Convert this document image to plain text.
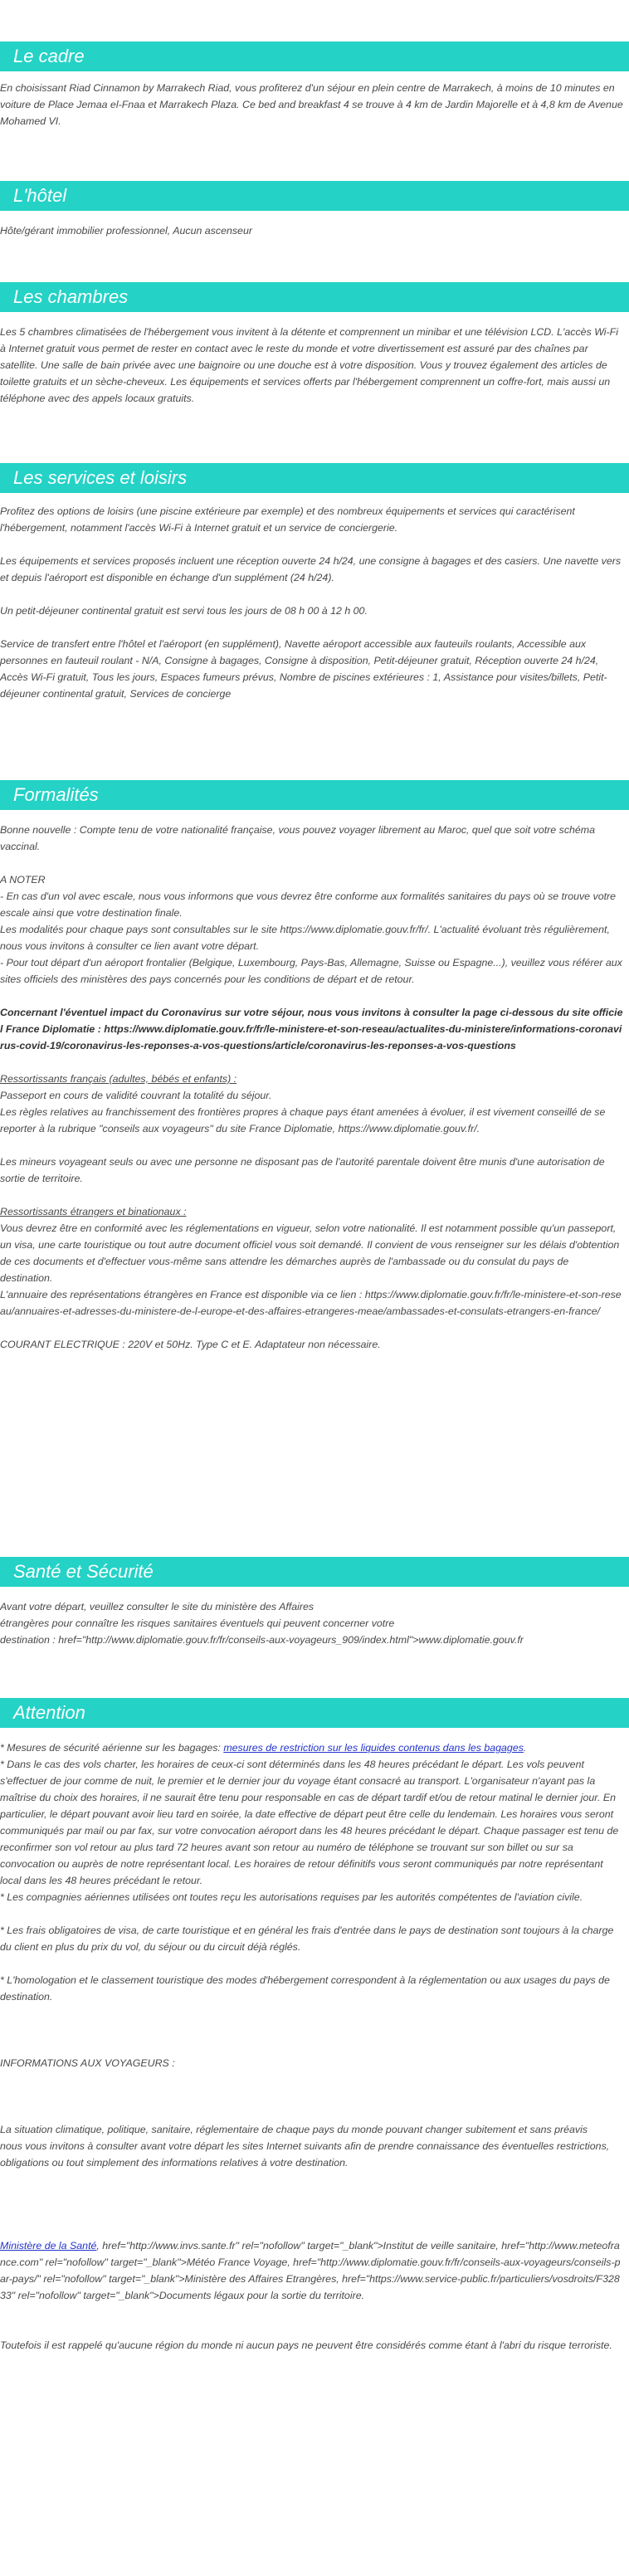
Le cadre

En choisissant Riad Cinnamon by Marrakech Riad, vous profiterez d'un séjour en plein centre de Marrakech, à moins de 10 minutes en voiture de Place Jemaa el-Fnaa et Marrakech Plaza. Ce bed and breakfast 4 se trouve à 4 km de Jardin Majorelle et à 4,8 km de Avenue Mohamed VI.

L'hôtel

Hôte/gérant immobilier professionnel, Aucun ascenseur

Les chambres

Les 5 chambres climatisées de l'hébergement vous invitent à la détente et comprennent un minibar et une télévision LCD. L'accès Wi-Fi à Internet gratuit vous permet de rester en contact avec le reste du monde et votre divertissement est assuré par des chaînes par satellite. Une salle de bain privée avec une baignoire ou une douche est à votre disposition. Vous y trouvez également des articles de toilette gratuits et un sèche-cheveux. Les équipements et services offerts par l'hébergement comprennent un coffre-fort, mais aussi un téléphone avec des appels locaux gratuits.

Les services et loisirs

Profitez des options de loisirs (une piscine extérieure par exemple) et des nombreux équipements et services qui caractérisent l'hébergement, notamment l'accès Wi-Fi à Internet gratuit et un service de conciergerie.

Les équipements et services proposés incluent une réception ouverte 24 h/24, une consigne à bagages et des casiers. Une navette vers et depuis l'aéroport est disponible en échange d'un supplément (24 h/24).

Un petit-déjeuner continental gratuit est servi tous les jours de 08 h 00 à 12 h 00.

Service de transfert entre l'hôtel et l'aéroport (en supplément), Navette aéroport accessible aux fauteuils roulants, Accessible aux personnes en fauteuil roulant - N/A, Consigne à bagages, Consigne à disposition, Petit-déjeuner gratuit, Réception ouverte 24 h/24, Accès Wi-Fi gratuit, Tous les jours, Espaces fumeurs prévus, Nombre de piscines extérieures : 1, Assistance pour visites/billets, Petit-déjeuner continental gratuit, Services de concierge

Formalités

Bonne nouvelle : Compte tenu de votre nationalité française, vous pouvez voyager librement au Maroc, quel que soit votre schéma vaccinal.

A NOTER

- En cas d'un vol avec escale, nous vous informons que vous devrez être conforme aux formalités sanitaires du pays où se trouve votre escale ainsi que votre destination finale.

Les modalités pour chaque pays sont consultables sur le site https://www.diplomatie.gouv.fr/fr/. L'actualité évoluant très régulièrement, nous vous invitons à consulter ce lien avant votre départ.

- Pour tout départ d'un aéroport frontalier (Belgique, Luxembourg, Pays-Bas, Allemagne, Suisse ou Espagne...), veuillez vous référer aux sites officiels des ministères des pays concernés pour les conditions de départ et de retour.

Concernant l'éventuel impact du Coronavirus sur votre séjour, nous vous invitons à consulter la page ci-dessous du site officiel France Diplomatie : https://www.diplomatie.gouv.fr/fr/le-ministere-et-son-reseau/actualites-du-ministere/informations-coronavirus-covid-19/coronavirus-les-reponses-a-vos-questions/article/coronavirus-les-reponses-a-vos-questions

Ressortissants français (adultes, bébés et enfants) :

Passeport en cours de validité couvrant la totalité du séjour.

Les règles relatives au franchissement des frontières propres à chaque pays étant amenées à évoluer, il est vivement conseillé de se reporter à la rubrique "conseils aux voyageurs" du site France Diplomatie, https://www.diplomatie.gouv.fr/.

Les mineurs voyageant seuls ou avec une personne ne disposant pas de l'autorité parentale doivent être munis d'une autorisation de sortie de territoire.

Ressortissants étrangers et binationaux :

Vous devrez être en conformité avec les réglementations en vigueur, selon votre nationalité. Il est notamment possible qu'un passeport, un visa, une carte touristique ou tout autre document officiel vous soit demandé. Il convient de vous renseigner sur les délais d'obtention de ces documents et d'effectuer vous-même sans attendre les démarches auprès de l'ambassade ou du consulat du pays de destination.

L'annuaire des représentations étrangères en France est disponible via ce lien : https://www.diplomatie.gouv.fr/fr/le-ministere-et-son-reseau/annuaires-et-adresses-du-ministere-de-l-europe-et-des-affaires-etrangeres-meae/ambassades-et-consulats-etrangers-en-france/

COURANT ELECTRIQUE : 220V et 50Hz. Type C et E. Adaptateur non nécessaire.

Santé et Sécurité

Avant votre départ, veuillez consulter le site du ministère des Affaires

étrangères pour connaître les risques sanitaires éventuels qui peuvent concerner votre

destination : href="http://www.diplomatie.gouv.fr/fr/conseils-aux-voyageurs_909/index.html">www.diplomatie.gouv.fr

Attention

* Mesures de sécurité aérienne sur les bagages: mesures de restriction sur les liquides contenus dans les bagages.

* Dans le cas des vols charter, les horaires de ceux-ci sont déterminés dans les 48 heures précédant le départ. Les vols peuvent s'effectuer de jour comme de nuit, le premier et le dernier jour du voyage étant consacré au transport. L'organisateur n'ayant pas la maîtrise du choix des horaires, il ne saurait être tenu pour responsable en cas de départ tardif et/ou de retour matinal le dernier jour. En particulier, le départ pouvant avoir lieu tard en soirée, la date effective de départ peut être celle du lendemain. Les horaires vous seront communiqués par mail ou par fax, sur votre convocation aéroport dans les 48 heures précédant le départ. Chaque passager est tenu de reconfirmer son vol retour au plus tard 72 heures avant son retour au numéro de téléphone se trouvant sur son billet ou sur sa convocation ou auprès de notre représentant local. Les horaires de retour définitifs vous seront communiqués par notre représentant local dans les 48 heures précédant le retour.

* Les compagnies aériennes utilisées ont toutes reçu les autorisations requises par les autorités compétentes de l'aviation civile.

* Les frais obligatoires de visa, de carte touristique et en général les frais d'entrée dans le pays de destination sont toujours à la charge du client en plus du prix du vol, du séjour ou du circuit déjà réglés.

* L'homologation et le classement touristique des modes d'hébergement correspondent à la réglementation ou aux usages du pays de destination.

INFORMATIONS AUX VOYAGEURS :

La situation climatique, politique, sanitaire, réglementaire de chaque pays du monde pouvant changer subitement et sans préavis

nous vous invitons à consulter avant votre départ les sites Internet suivants afin de prendre connaissance des éventuelles restrictions, obligations ou tout simplement des informations relatives à votre destination.

Ministère de la Santé, href="http://www.invs.sante.fr" rel="nofollow" target="_blank">Institut de veille sanitaire, href="http://www.meteofrance.com" rel="nofollow" target="_blank">Météo France Voyage, href="http://www.diplomatie.gouv.fr/fr/conseils-aux-voyageurs/conseils-par-pays/" rel="nofollow" target="_blank">Ministère des Affaires Etrangères, href="https://www.service-public.fr/particuliers/vosdroits/F32833" rel="nofollow" target="_blank">Documents légaux pour la sortie du territoire.

Toutefois il est rappelé qu'aucune région du monde ni aucun pays ne peuvent être considérés comme étant à l'abri du risque terroriste.
